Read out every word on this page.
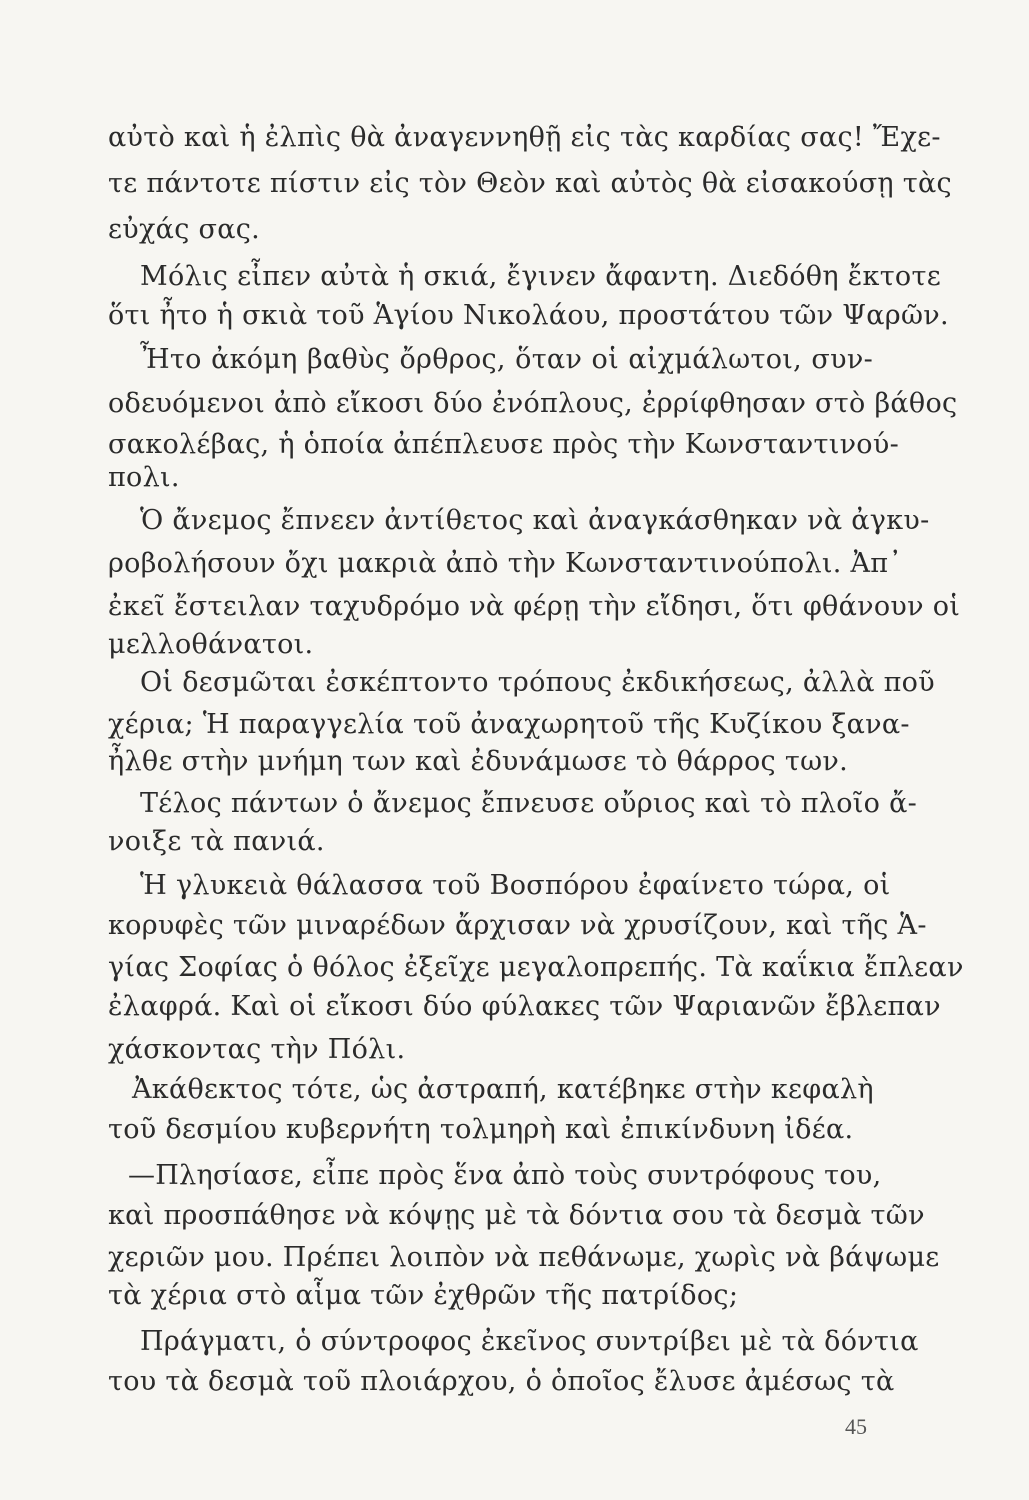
αὐτὸ καὶ ἡ ἐλπὶς θὰ ἀναγεννηθῇ εἰς τὰς καρδίας σας! Ἔχε-
τε πάντοτε πίστιν εἰς τὸν Θεὸν καὶ αὐτὸς θὰ εἰσακούσῃ τὰς
εὐχάς σας.
Μόλις εἶπεν αὐτὰ ἡ σκιά, ἔγινεν ἄφαντη. Διεδόθη ἔκτοτε
ὅτι ἦτο ἡ σκιὰ τοῦ Ἁγίου Νικολάου, προστάτου τῶν Ψαρῶν.
Ἦτο ἀκόμη βαθὺς ὄρθρος, ὅταν οἱ αἰχμάλωτοι, συν-
οδευόμενοι ἀπὸ εἴκοσι δύο ἐνόπλους, ἐρρίφθησαν στὸ βάθος
σακολέβας, ἡ ὁποία ἀπέπλευσε πρὸς τὴν Κωνσταντινού-
πολι.
Ὁ ἄνεμος ἔπνεεν ἀντίθετος καὶ ἀναγκάσθηκαν νὰ ἀγκυ-
ροβολήσουν ὄχι μακριὰ ἀπὸ τὴν Κωνσταντινούπολι. Ἀπ᾽
ἐκεῖ ἔστειλαν ταχυδρόμο νὰ φέρῃ τὴν εἴδησι, ὅτι φθάνουν οἱ
μελλοθάνατοι.
Οἱ δεσμῶται ἐσκέπτοντο τρόπους ἐκδικήσεως, ἀλλὰ ποῦ
χέρια; Ἡ παραγγελία τοῦ ἀναχωρητοῦ τῆς Κυζίκου ξανα-
ἦλθε στὴν μνήμη των καὶ ἐδυνάμωσε τὸ θάρρος των.
Τέλος πάντων ὁ ἄνεμος ἔπνευσε οὔριος καὶ τὸ πλοῖο ἄ-
νοιξε τὰ πανιά.
Ἡ γλυκειὰ θάλασσα τοῦ Βοσπόρου ἐφαίνετο τώρα, οἱ
κορυφὲς τῶν μιναρέδων ἄρχισαν νὰ χρυσίζουν, καὶ τῆς Ἁ-
γίας Σοφίας ὁ θόλος ἐξεῖχε μεγαλοπρεπής. Τὰ καΐκια ἔπλεαν
ἐλαφρά. Καὶ οἱ εἴκοσι δύο φύλακες τῶν Ψαριανῶν ἔβλεπαν
χάσκοντας τὴν Πόλι.
Ἀκάθεκτος τότε, ὡς ἀστραπή, κατέβηκε στὴν κεφαλὴ
τοῦ δεσμίου κυβερνήτη τολμηρὴ καὶ ἐπικίνδυνη ἰδέα.
—Πλησίασε, εἶπε πρὸς ἕνα ἀπὸ τοὺς συντρόφους του,
καὶ προσπάθησε νὰ κόψῃς μὲ τὰ δόντια σου τὰ δεσμὰ τῶν
χεριῶν μου. Πρέπει λοιπὸν νὰ πεθάνωμε, χωρὶς νὰ βάψωμε
τὰ χέρια στὸ αἷμα τῶν ἐχθρῶν τῆς πατρίδος;
Πράγματι, ὁ σύντροφος ἐκεῖνος συντρίβει μὲ τὰ δόντια
του τὰ δεσμὰ τοῦ πλοιάρχου, ὁ ὁποῖος ἔλυσε ἀμέσως τὰ
45
